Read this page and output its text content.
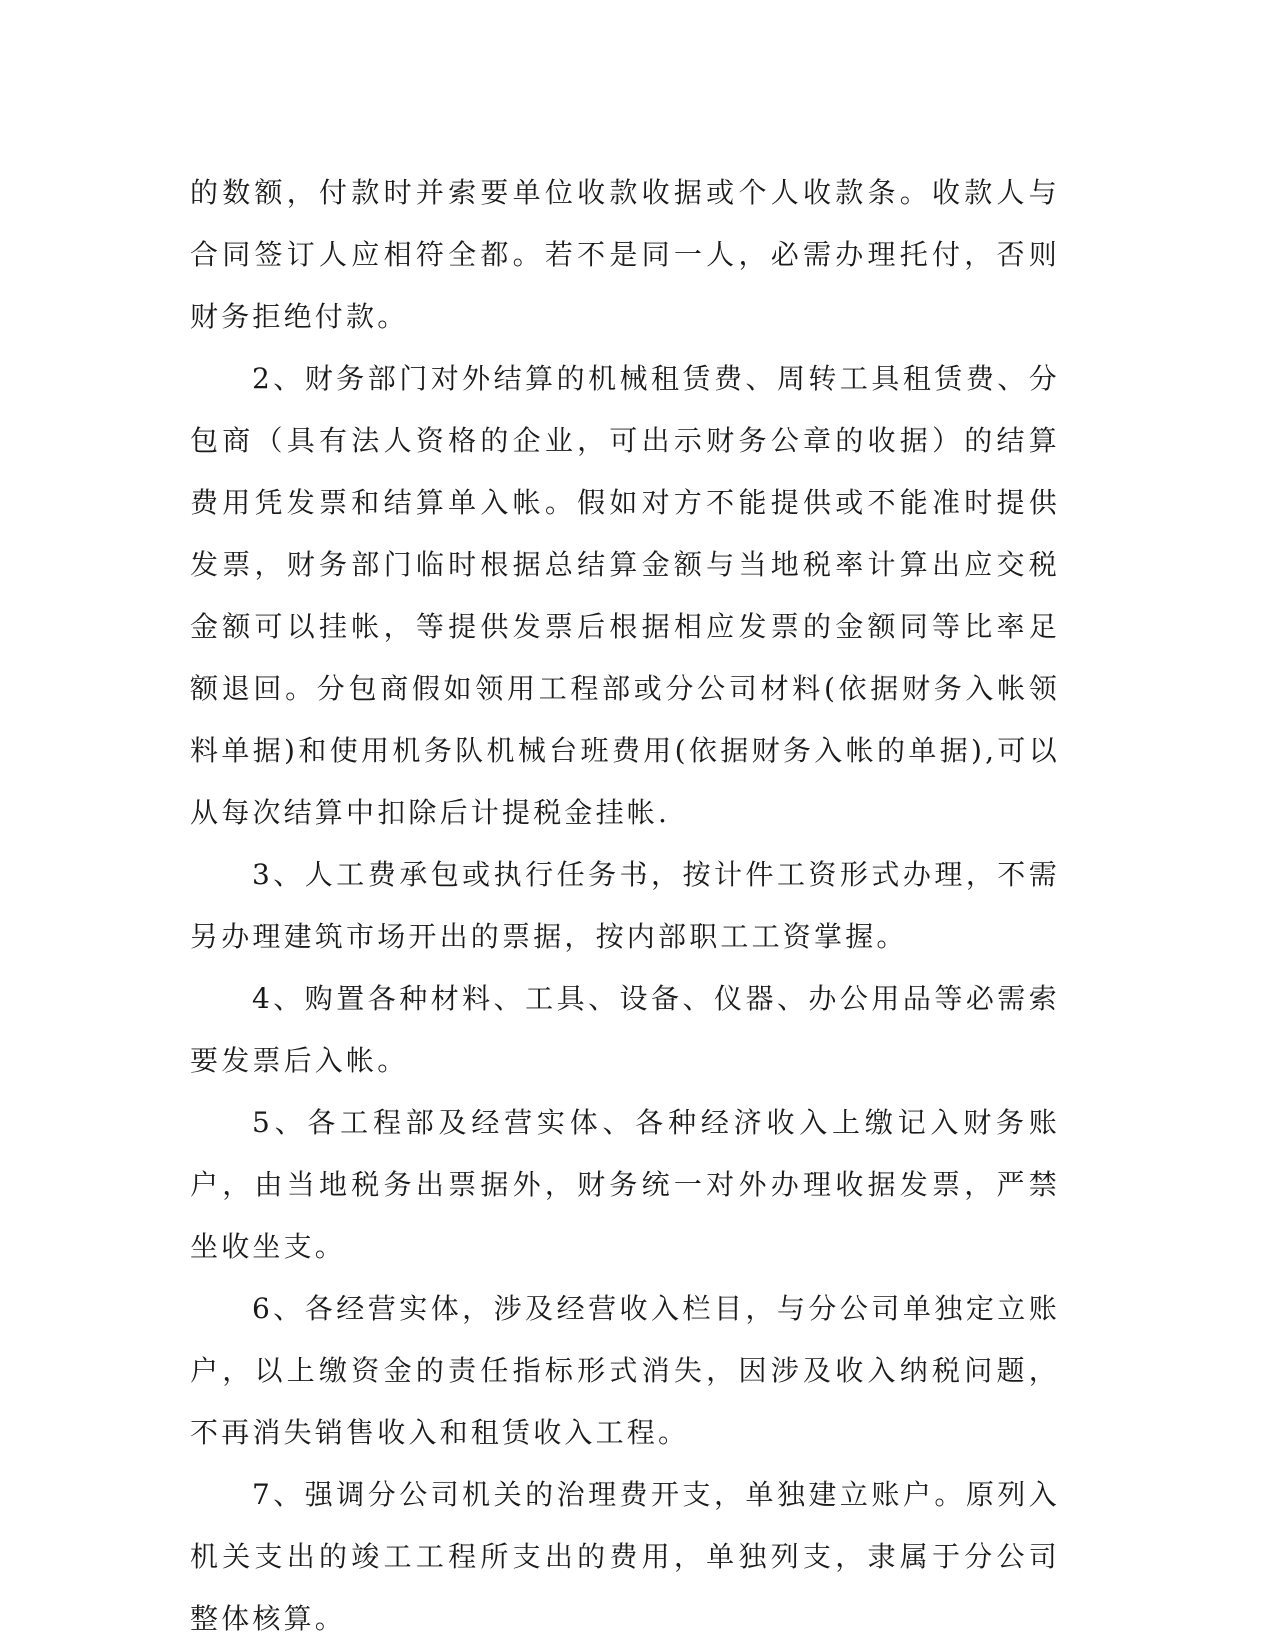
的数额，付款时并索要单位收款收据或个人收款条。收款人与合同签订人应相符全都。若不是同一人，必需办理托付，否则财务拒绝付款。

2、财务部门对外结算的机械租赁费、周转工具租赁费、分包商（具有法人资格的企业，可出示财务公章的收据）的结算费用凭发票和结算单入帐。假如对方不能提供或不能准时提供发票，财务部门临时根据总结算金额与当地税率计算出应交税金额可以挂帐，等提供发票后根据相应发票的金额同等比率足额退回。分包商假如领用工程部或分公司材料(依据财务入帐领料单据)和使用机务队机械台班费用(依据财务入帐的单据),可以从每次结算中扣除后计提税金挂帐.

3、人工费承包或执行任务书，按计件工资形式办理，不需另办理建筑市场开出的票据，按内部职工工资掌握。

4、购置各种材料、工具、设备、仪器、办公用品等必需索要发票后入帐。

5、各工程部及经营实体、各种经济收入上缴记入财务账户，由当地税务出票据外，财务统一对外办理收据发票，严禁坐收坐支。

6、各经营实体，涉及经营收入栏目，与分公司单独定立账户，以上缴资金的责任指标形式消失，因涉及收入纳税问题，不再消失销售收入和租赁收入工程。

7、强调分公司机关的治理费开支，单独建立账户。原列入机关支出的竣工工程所支出的费用，单独列支，隶属于分公司整体核算。
